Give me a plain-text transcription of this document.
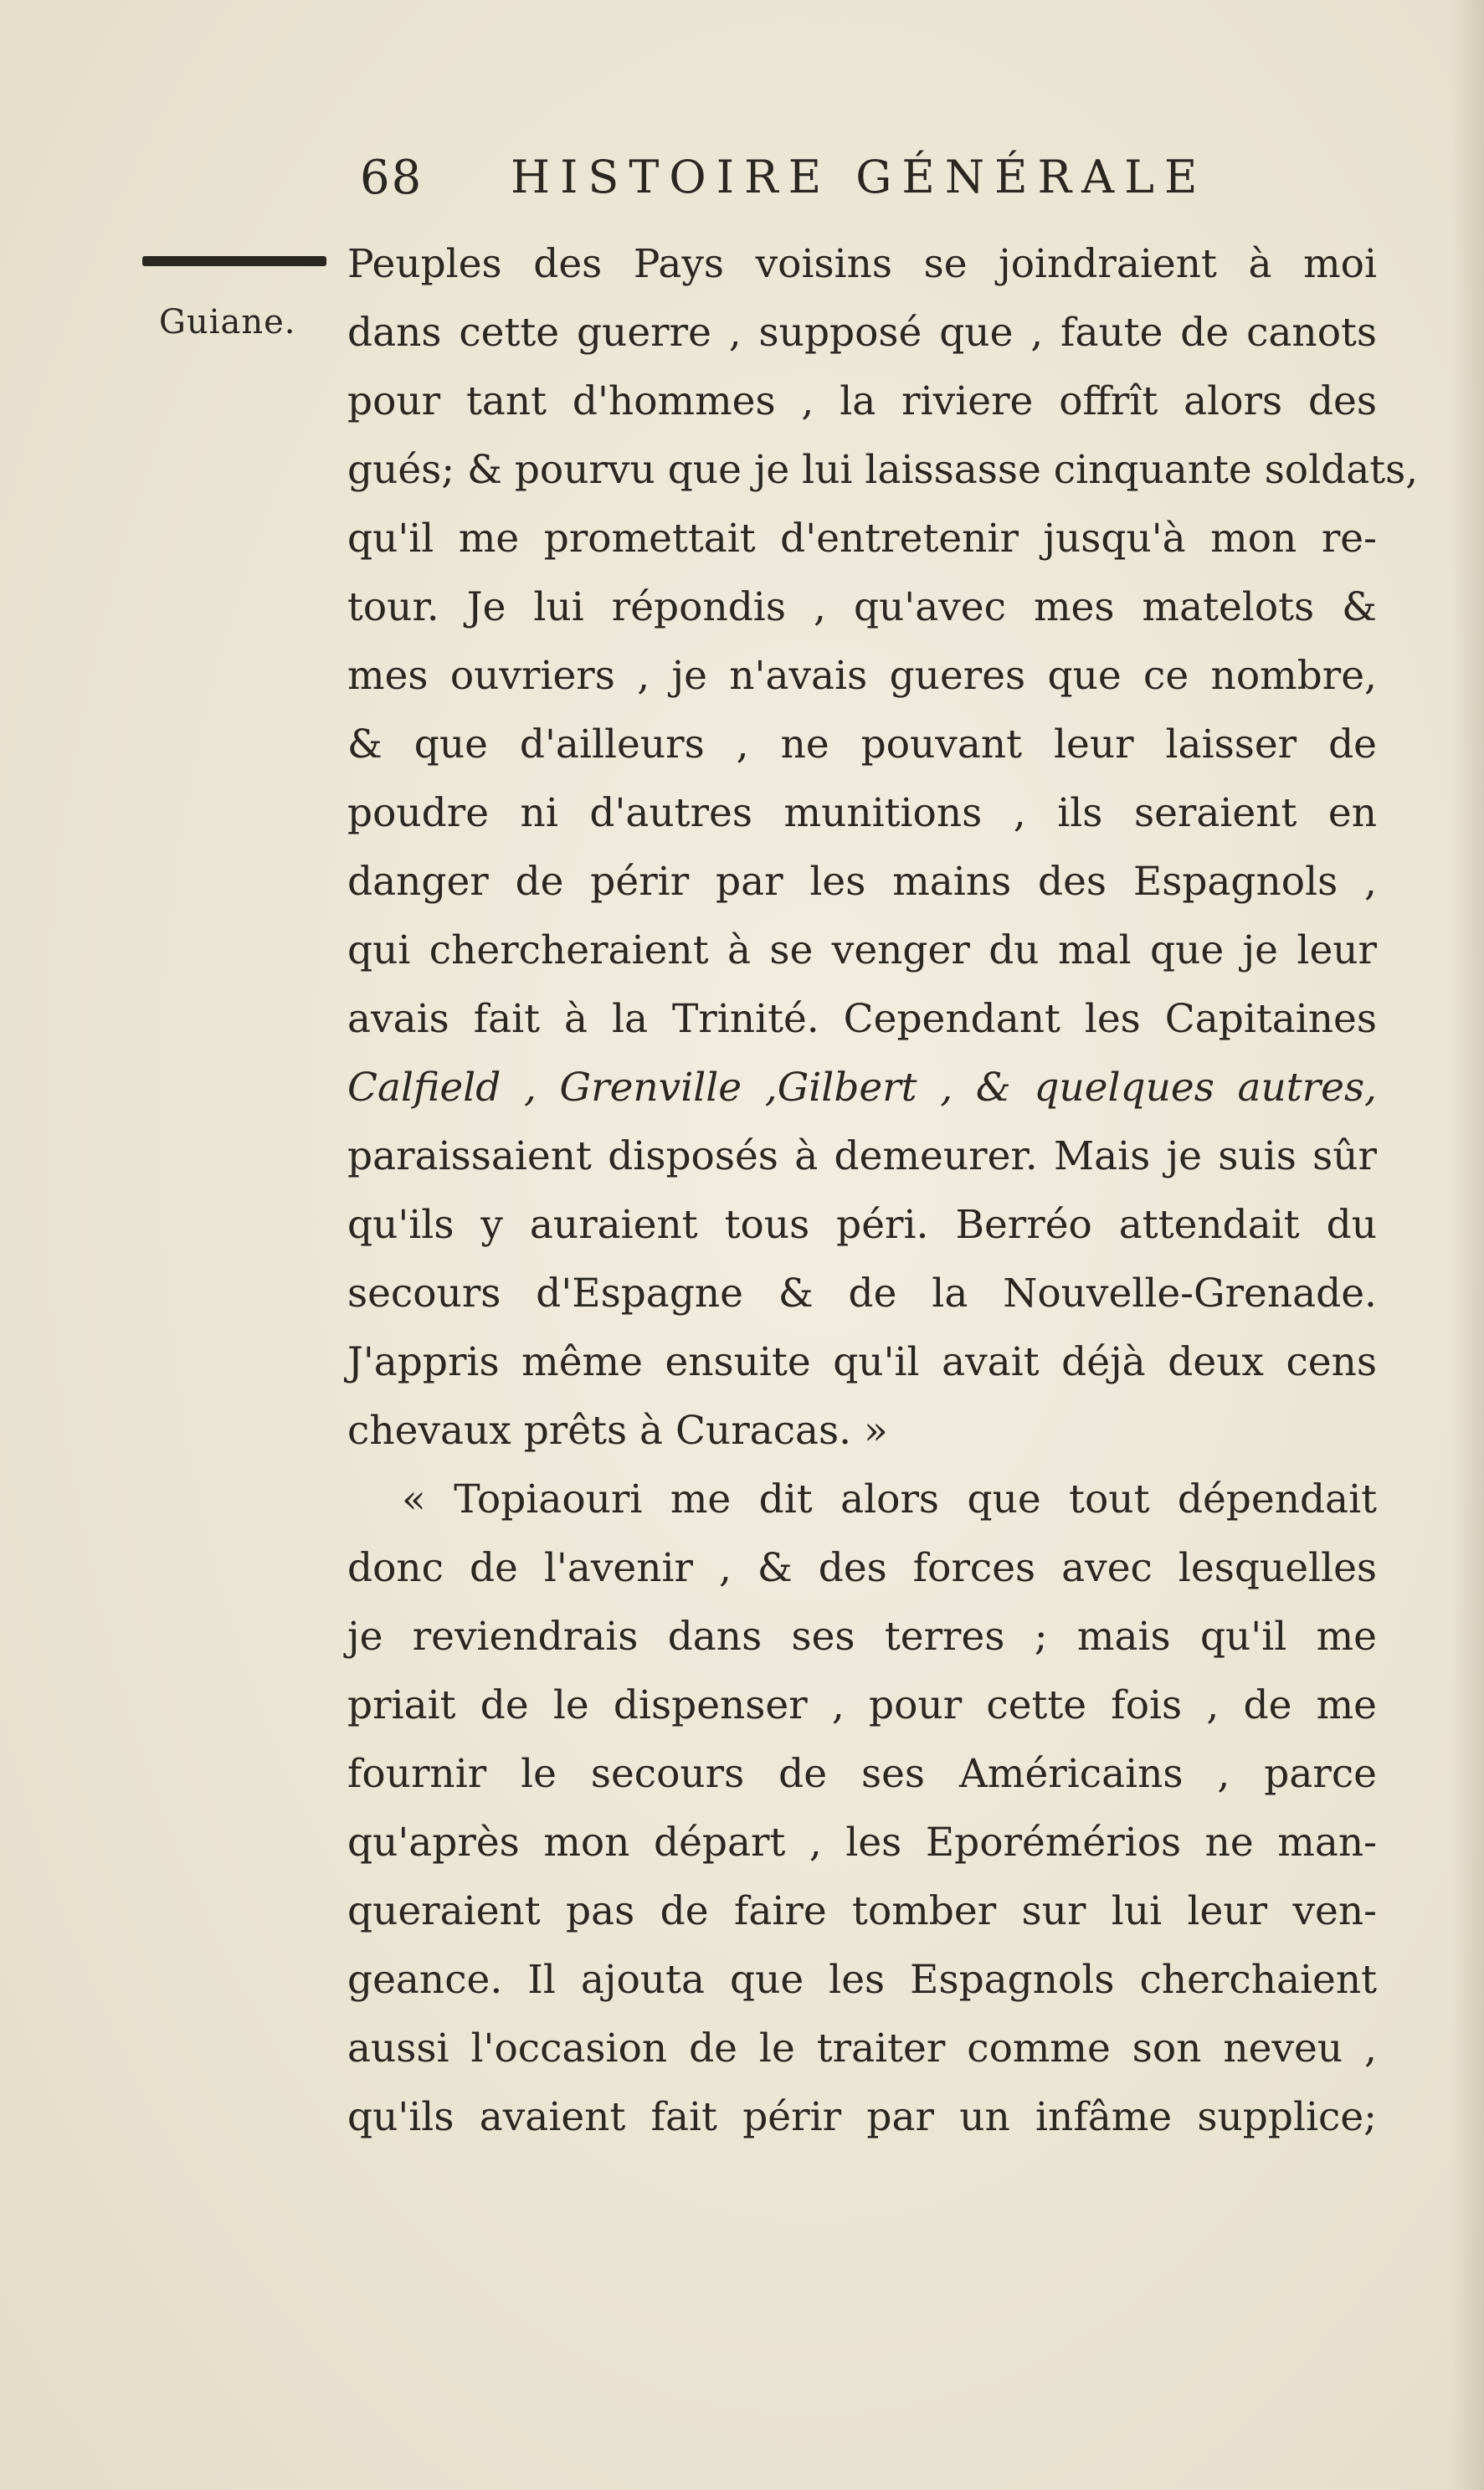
68 HISTOIRE GÉNÉRALE
Guiane.
Peuples des Pays voisins se joindraient à moi
dans cette guerre , supposé que , faute de canots
pour tant d'hommes , la riviere offrît alors des
gués; & pourvu que je lui laissasse cinquante soldats,
qu'il me promettait d'entretenir jusqu'à mon re-
tour. Je lui répondis , qu'avec mes matelots &
mes ouvriers , je n'avais gueres que ce nombre,
& que d'ailleurs , ne pouvant leur laisser de
poudre ni d'autres munitions , ils seraient en
danger de périr par les mains des Espagnols ,
qui chercheraient à se venger du mal que je leur
avais fait à la Trinité. Cependant les Capitaines
Calfield , Grenville ,Gilbert , & quelques autres,
paraissaient disposés à demeurer. Mais je suis sûr
qu'ils y auraient tous péri. Berréo attendait du
secours d'Espagne & de la Nouvelle-Grenade.
J'appris même ensuite qu'il avait déjà deux cens
chevaux prêts à Curacas. »
« Topiaouri me dit alors que tout dépendait
donc de l'avenir , & des forces avec lesquelles
je reviendrais dans ses terres ; mais qu'il me
priait de le dispenser , pour cette fois , de me
fournir le secours de ses Américains , parce
qu'après mon départ , les Eporémérios ne man-
queraient pas de faire tomber sur lui leur ven-
geance. Il ajouta que les Espagnols cherchaient
aussi l'occasion de le traiter comme son neveu ,
qu'ils avaient fait périr par un infâme supplice;
